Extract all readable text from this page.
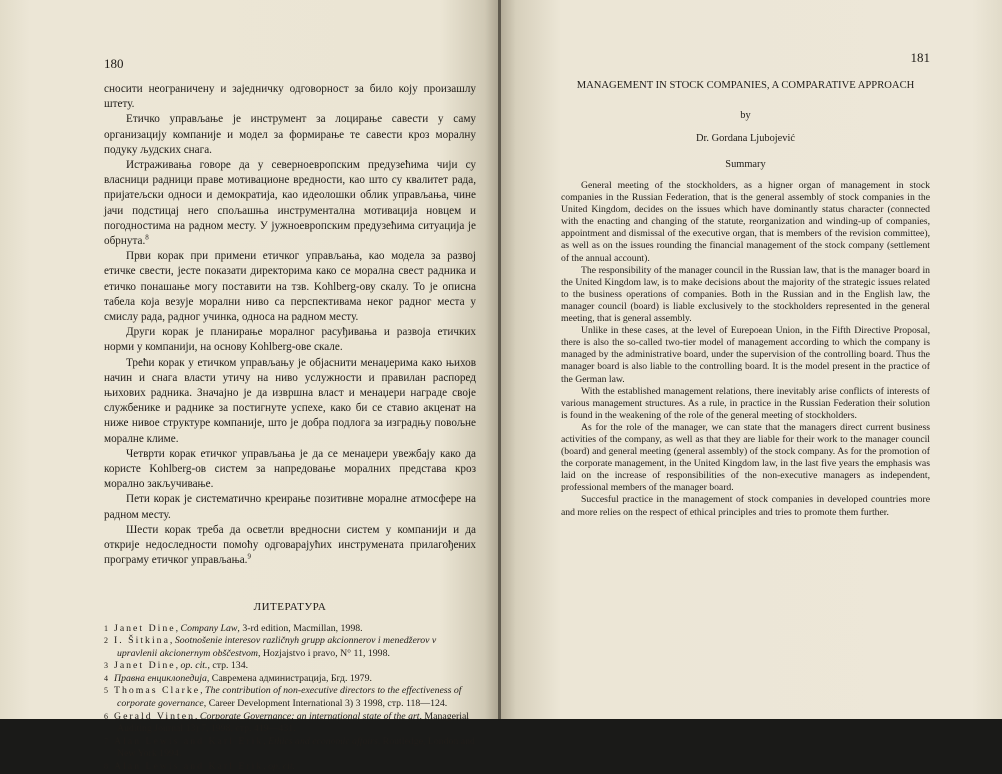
180

сносити неограничену и заједничку одговорност за било коју произашлу штету.

Етичко управљање је инструмент за лоцирање савести у саму организацију компаније и модел за формирање те савести кроз моралну подуку људских снага.

Истраживања говоре да у северноевропским предузећима чији су власници радници праве мотивационе вредности, као што су квалитет рада, пријатељски односи и демократија, као идеолошки облик управљања, чине јачи подстицај него спољашња инструментална мотивација новцем и погодностима на радном месту. У јужноевропским предузећима ситуација је обрнута.$^8$

Први корак при примени етичког управљања, као модела за развој етичке свести, јесте показати директорима како се морална свест радника и етичко понашање могу поставити на тзв. Kohlberg-ову скалу. То је описна табела која везује морални ниво са перспективама неког радног места у смислу рада, радног учинка, односа на радном месту.

Други корак је планирање моралног расуђивања и развоја етичких норми у компанији, на основу Kohlberg-ове скале.

Трећи корак у етичком управљању је објаснити менаџерима како њихов начин и снага власти утичу на ниво услужности и правилан распоред њихових радника. Значајно је да извршна власт и менаџери награде своје службенике и раднике за постигнуте успехе, како би се ставио акценат на ниже нивое структуре компаније, што је добра подлога за изградњу повољне моралне климе.

Четврти корак етичког управљања је да се менаџери увежбају како да користе Kohlberg-ов систем за напредовање моралних представа кроз морално закључивање.

Пети корак је систематично креирање позитивне моралне атмосфере на радном месту.

Шести корак треба да осветли вредносни систем у компанији и да открије недоследности помоћу одговарајућих инструмената прилагођених програму етичког управљања.$^9$

ЛИТЕРАТУРА
1 Janet Dine, Company Law, 3-rd edition, Macmillan, 1998.
2 I. Šitkina, Sootnošenie interesov različnyh grupp akcionnerov i menedžerov v upravlenii akcionernym obščestvom, Hozjajstvo i pravo, N° 11, 1998.
3 Janet Dine, op. cit., стр. 134.
4 Правна енциклопедија, Савремена администрација, Бгд. 1979.
5 Thomas Clarke, The contribution of non-executive directors to the effectiveness of corporate governance, Career Development International 3) 3 1998, стр. 118—124.
6 Gerald Vinten, Corporate Governance; an international state of the art, Managerial Auditing Journal 13) 7, 1998, стр. 419—431.
7 Alan Lewis and Karl Erik, Ethics and economic affairs, Routledge, London and New York 1994.
8 Alan Lewis and Karl Erik, op. cit.
181
MANAGEMENT IN STOCK COMPANIES, A COMPARATIVE APPROACH
by
Dr. Gordana Ljubojević
Summary

General meeting of the stockholders, as a higner organ of management in stock companies in the Russian Federation, that is the general assembly of stock companies in the United Kingdom, decides on the issues which have dominantly status character (connected with the enacting and changing of the statute, reorganization and winding-up of companies, appointment and dismissal of the executive organ, that is members of the revision committee), as well as on the issues rounding the financial management of the stock company (settlement of the annual account).

The responsibility of the manager council in the Russian law, that is the manager board in the United Kingdom law, is to make decisions about the majority of the strategic issues related to the business operations of companies. Both in the Russian and in the English law, the manager council (board) is liable exclusively to the stockholders represented in the general meeting, that is general assembly.

Unlike in these cases, at the level of Eurepoean Union, in the Fifth Directive Proposal, there is also the so-called two-tier model of management according to which the company is managed by the administrative board, under the supervision of the controlling board. Thus the manager board is also liable to the controlling board. It is the model present in the practice of the German law.

With the established management relations, there inevitably arise conflicts of interests of various management structures. As a rule, in practice in the Russian Federation their solution is found in the weakening of the role of the general meeting of stockholders.

As for the role of the manager, we can state that the managers direct current business activities of the company, as well as that they are liable for their work to the manager council (board) and general meeting (general assembly) of the stock company. As for the promotion of the corporate management, in the United Kingdom law, in the last five years the emphasis was laid on the increase of responsibilities of the non-executive managers as independent, professional members of the manager board.

Succesful practice in the management of stock companies in developed countries more and more relies on the respect of ethical principles and tries to promote them further.
